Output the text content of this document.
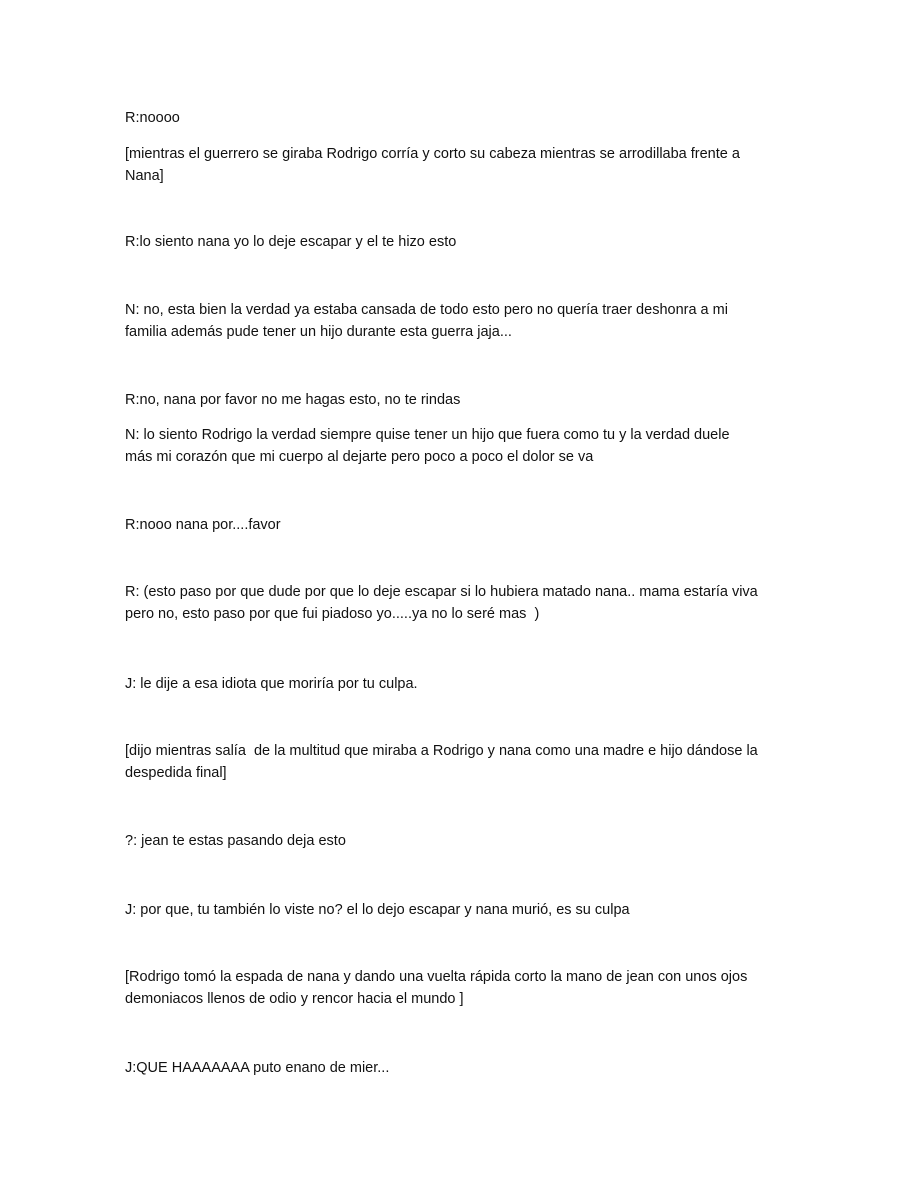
R:noooo

[mientras el guerrero se giraba Rodrigo corría y corto su cabeza mientras se arrodillaba frente a
Nana]

R:lo siento nana yo lo deje escapar y el te hizo esto

N: no, esta bien la verdad ya estaba cansada de todo esto pero no quería traer deshonra a mi
familia además pude tener un hijo durante esta guerra jaja...

R:no, nana por favor no me hagas esto, no te rindas

N: lo siento Rodrigo la verdad siempre quise tener un hijo que fuera como tu y la verdad duele
más mi corazón que mi cuerpo al dejarte pero poco a poco el dolor se va

R:nooo nana por....favor

R: (esto paso por que dude por que lo deje escapar si lo hubiera matado nana.. mama estaría viva
pero no, esto paso por que fui piadoso yo.....ya no lo seré mas  )

J: le dije a esa idiota que moriría por tu culpa.

[dijo mientras salía  de la multitud que miraba a Rodrigo y nana como una madre e hijo dándose la
despedida final]

?: jean te estas pasando deja esto

J: por que, tu también lo viste no? el lo dejo escapar y nana murió, es su culpa

[Rodrigo tomó la espada de nana y dando una vuelta rápida corto la mano de jean con unos ojos
demoniacos llenos de odio y rencor hacia el mundo ]

J:QUE HAAAAAAA puto enano de mier...
